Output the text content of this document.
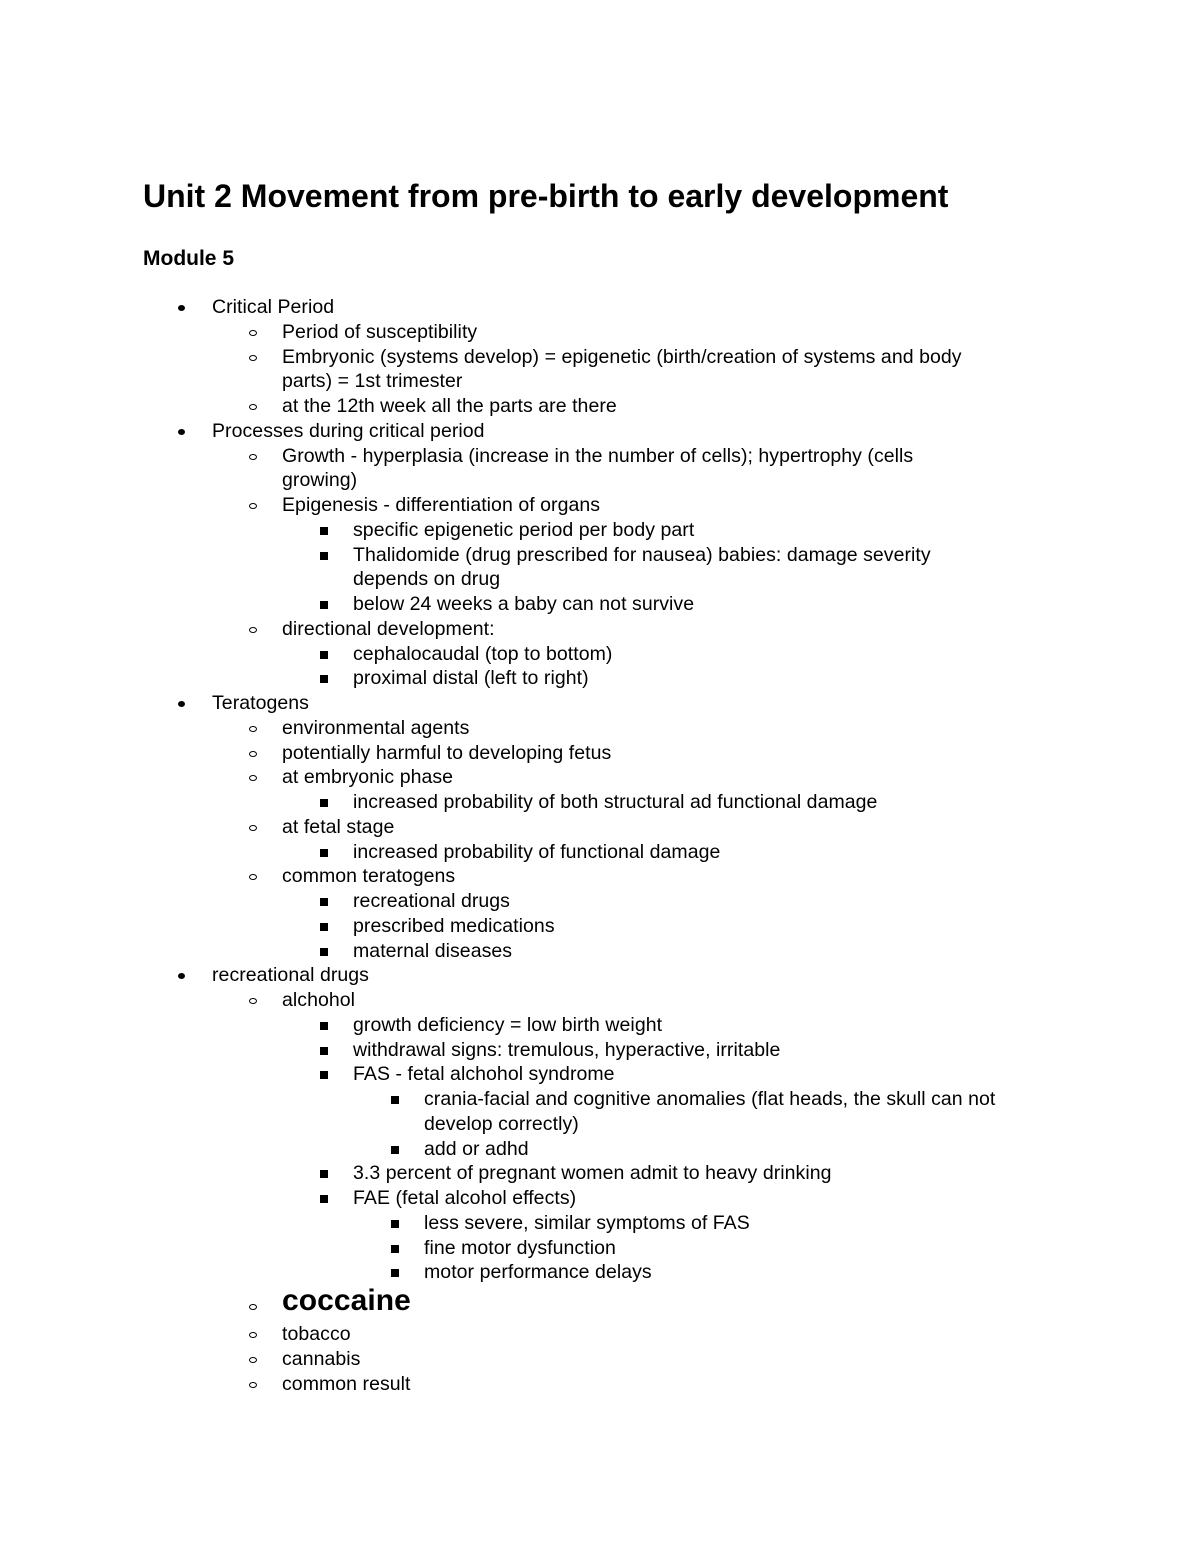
Unit 2 Movement from pre-birth to early development
Module 5
Critical Period
Period of susceptibility
Embryonic (systems develop) = epigenetic (birth/creation of systems and body
parts) = 1st trimester
at the 12th week all the parts are there
Processes during critical period
Growth - hyperplasia (increase in the number of cells); hypertrophy (cells
growing)
Epigenesis - differentiation of organs
specific epigenetic period per body part
Thalidomide (drug prescribed for nausea) babies: damage severity
depends on drug
below 24 weeks a baby can not survive
directional development:
cephalocaudal (top to bottom)
proximal distal (left to right)
Teratogens
environmental agents
potentially harmful to developing fetus
at embryonic phase
increased probability of both structural ad functional damage
at fetal stage
increased probability of functional damage
common teratogens
recreational drugs
prescribed medications
maternal diseases
recreational drugs
alchohol
growth deficiency = low birth weight
withdrawal signs: tremulous, hyperactive, irritable
FAS - fetal alchohol syndrome
crania-facial and cognitive anomalies (flat heads, the skull can not
develop correctly)
add or adhd
3.3 percent of pregnant women admit to heavy drinking
FAE (fetal alcohol effects)
less severe, similar symptoms of FAS
fine motor dysfunction
motor performance delays
coccaine
tobacco
cannabis
common result
